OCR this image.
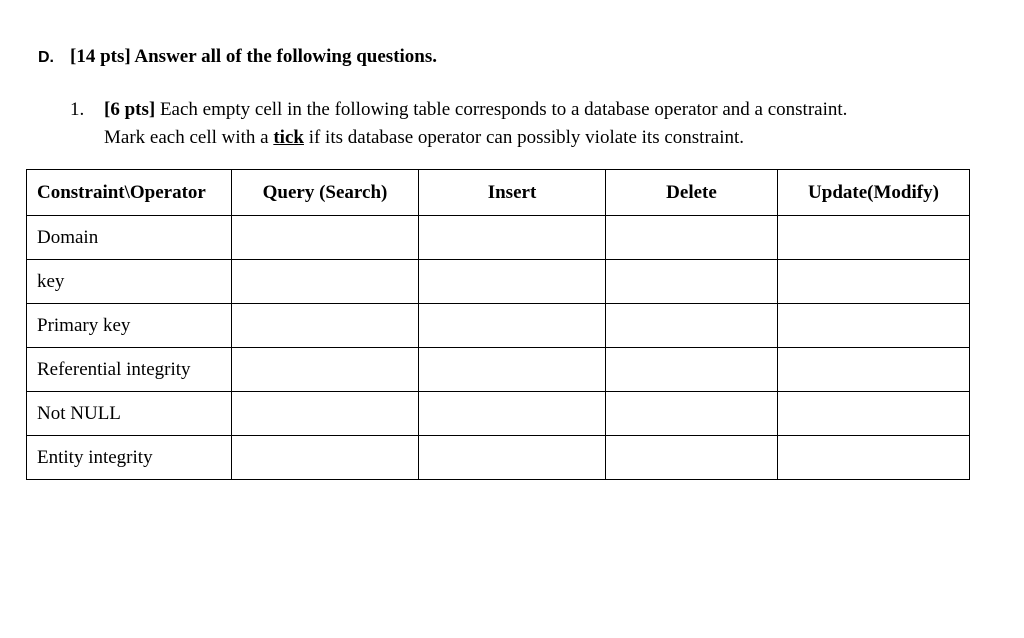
D. [14 pts] Answer all of the following questions.
1. [6 pts] Each empty cell in the following table corresponds to a database operator and a constraint.
Mark each cell with a tick if its database operator can possibly violate its constraint.
Constraint\Operator	Query (Search)	Insert	Delete	Update(Modify)
Domain				
key				
Primary key				
Referential integrity				
Not NULL				
Entity integrity				
